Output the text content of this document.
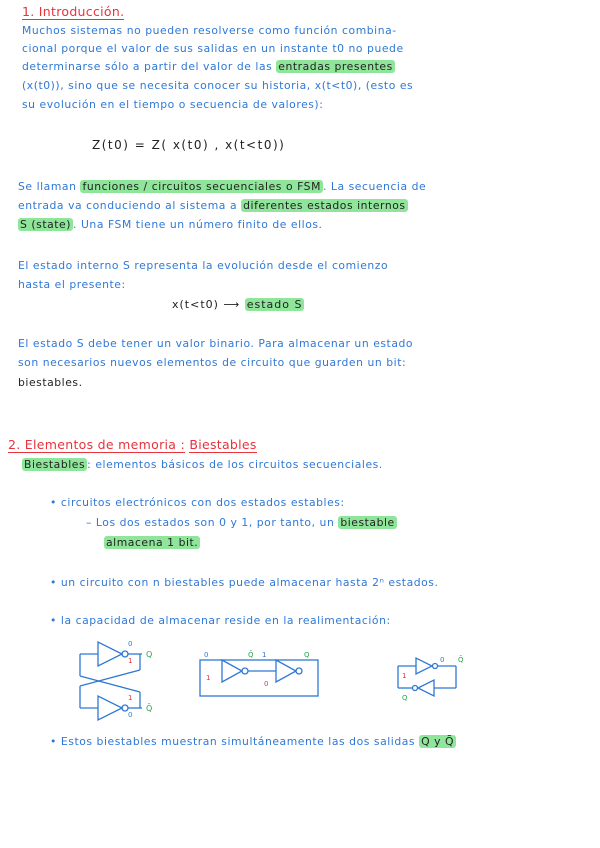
1. Introducción.
Muchos sistemas no pueden resolverse como función combina-
cional porque el valor de sus salidas en un instante t0 no puede
determinarse sólo a partir del valor de las entradas presentes
(x(t0)), sino que se necesita conocer su historia, x(t<t0), (esto es
su evolución en el tiempo o secuencia de valores):
Z(t0) = Z( x(t0) , x(t<t0))
Se llaman funciones / circuitos secuenciales o FSM . La secuencia de
entrada va conduciendo al sistema a diferentes estados internos
S (state) . Una FSM tiene un número finito de ellos.
El estado interno S representa la evolución desde el comienzo
hasta el presente:
x(t<t0) ⟶ estado S
El estado S debe tener un valor binario. Para almacenar un estado
son necesarios nuevos elementos de circuito que guarden un bit:
biestables.
2. Elementos de memoria : Biestables
Biestables : elementos básicos de los circuitos secuenciales.
• circuitos electrónicos con dos estados estables:
– Los dos estados son 0 y 1, por tanto, un biestable
almacena 1 bit.
• un circuito con n biestables puede almacenar hasta 2ⁿ estados.
• la capacidad de almacenar reside en la realimentación:
0
1
Q
1
0
Q̄
0	Q̄ 1	Q
1
0
0 Q̄
1
Q
• Estos biestables muestran simultáneamente las dos salidas Q y Q̄
